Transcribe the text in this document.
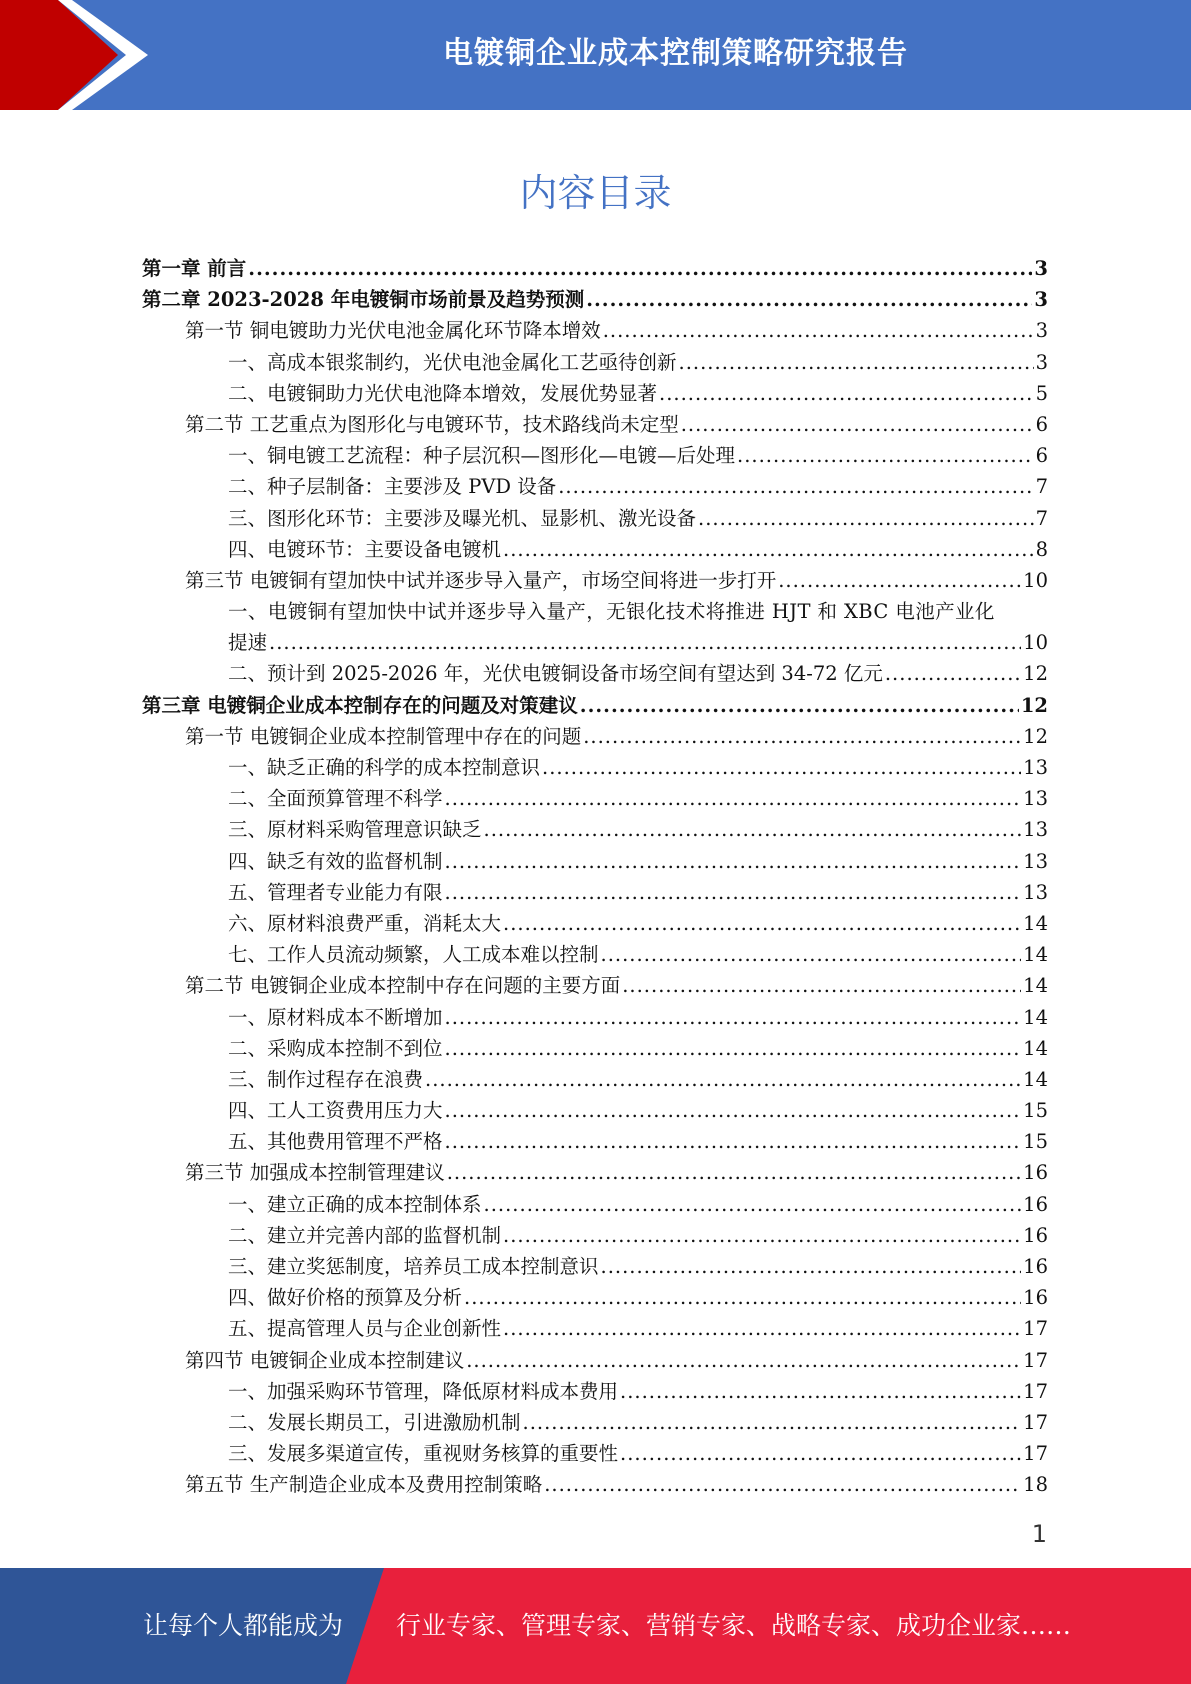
电镀铜企业成本控制策略研究报告
内容目录
第一章 前言 .....	3
第二章 2023-2028 年电镀铜市场前景及趋势预测 .....	3
第一节 铜电镀助力光伏电池金属化环节降本增效 .....	3
一、高成本银浆制约，光伏电池金属化工艺亟待创新 .....	3
二、电镀铜助力光伏电池降本增效，发展优势显著 .....	5
第二节 工艺重点为图形化与电镀环节，技术路线尚未定型 .....	6
一、铜电镀工艺流程：种子层沉积—图形化—电镀—后处理 .....	6
二、种子层制备：主要涉及 PVD 设备 .....	7
三、图形化环节：主要涉及曝光机、显影机、激光设备 .....	7
四、电镀环节：主要设备电镀机 .....	8
第三节 电镀铜有望加快中试并逐步导入量产，市场空间将进一步打开 .....	10
一、电镀铜有望加快中试并逐步导入量产，无银化技术将推进 HJT 和 XBC 电池产业化
提速 .....	10
二、预计到 2025-2026 年，光伏电镀铜设备市场空间有望达到 34-72 亿元 .....	12
第三章 电镀铜企业成本控制存在的问题及对策建议 .....	12
第一节 电镀铜企业成本控制管理中存在的问题 .....	12
一、缺乏正确的科学的成本控制意识 .....	13
二、全面预算管理不科学 .....	13
三、原材料采购管理意识缺乏 .....	13
四、缺乏有效的监督机制 .....	13
五、管理者专业能力有限 .....	13
六、原材料浪费严重，消耗太大 .....	14
七、工作人员流动频繁，人工成本难以控制 .....	14
第二节 电镀铜企业成本控制中存在问题的主要方面 .....	14
一、原材料成本不断增加 .....	14
二、采购成本控制不到位 .....	14
三、制作过程存在浪费 .....	14
四、工人工资费用压力大 .....	15
五、其他费用管理不严格 .....	15
第三节 加强成本控制管理建议 .....	16
一、建立正确的成本控制体系 .....	16
二、建立并完善内部的监督机制 .....	16
三、建立奖惩制度，培养员工成本控制意识 .....	16
四、做好价格的预算及分析 .....	16
五、提高管理人员与企业创新性 .....	17
第四节 电镀铜企业成本控制建议 .....	17
一、加强采购环节管理，降低原材料成本费用 .....	17
二、发展长期员工，引进激励机制 .....	17
三、发展多渠道宣传，重视财务核算的重要性 .....	17
第五节 生产制造企业成本及费用控制策略 .....	18
1
让每个人都能成为 行业专家、管理专家、营销专家、战略专家、成功企业家……
